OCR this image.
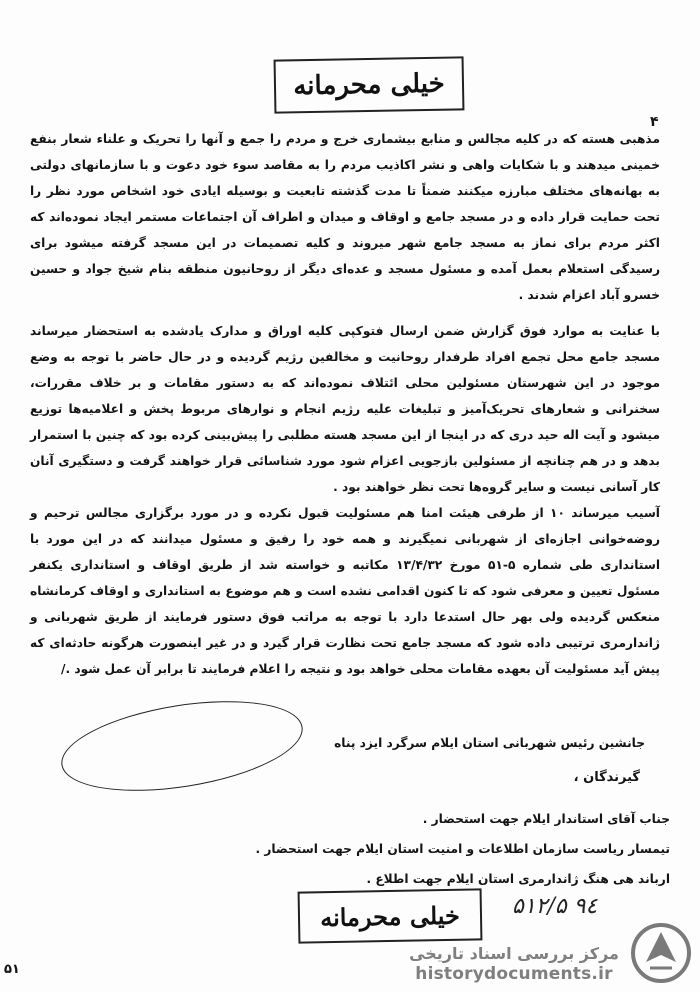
خیلی محرمانه
۴

مذهبی هسته که در کلیه مجالس و منابع بیشماری خرج و مردم را جمع و آنها را تحریک و علناء شعار بنفع خمینی میدهند و با شکایات واهی و نشر اکاذیب مردم را به مقاصد سوء خود دعوت و با سازمانهای دولتی به بهانه‌های مختلف مبارزه میکنند ضمناً تا مدت گذشته تابعیت و بوسیله ایادی خود اشخاص مورد نظر را تحت حمایت قرار داده و در مسجد جامع و اوقاف و میدان و اطراف آن اجتماعات مستمر ایجاد نموده‌اند که اکثر مردم برای نماز به مسجد جامع شهر میروند و کلیه تصمیمات در این مسجد گرفته میشود برای رسیدگی استعلام بعمل آمده و مسئول مسجد و عده‌ای دیگر از روحانیون منطقه بنام شیخ جواد و حسین خسرو آباد اعزام شدند .

با عنایت به موارد فوق گزارش ضمن ارسال فتوکپی کلیه اوراق و مدارک یادشده به استحضار میرساند مسجد جامع محل تجمع افراد طرفدار روحانیت و مخالفین رژیم گردیده و در حال حاضر با توجه به وضع موجود در این شهرستان مسئولین محلی ائتلاف نموده‌اند که به دستور مقامات و بر خلاف مقررات، سخنرانی و شعارهای تحریک‌آمیز و تبلیغات علیه رژیم انجام و نوارهای مربوط پخش و اعلامیه‌ها توزیع میشود و آیت اله حید دری که در اینجا از این مسجد هسته مطلبی را پیش‌بینی کرده بود که چنین با استمرار بدهد و در هم چنانچه از مسئولین بازجویی اعزام شود مورد شناسائی قرار خواهند گرفت و دستگیری آنان کار آسانی نیست و سایر گروه‌ها تحت نظر خواهند بود .

آسیب میرساند ۱۰ از طرفی هیئت امنا هم مسئولیت قبول نکرده و در مورد برگزاری مجالس ترحیم و روضه‌خوانی اجازه‌ای از شهربانی نمیگیرند و همه خود را رفیق و مسئول میدانند که در این مورد با استانداری طی شماره ۵-۵۱ مورخ ۱۳/۴/۳۲ مکاتبه و خواسته شد از طریق اوقاف و استانداری یکنفر مسئول تعیین و معرفی شود که تا کنون اقدامی نشده است و هم موضوع به استانداری و اوقاف کرمانشاه منعکس گردیده ولی بهر حال استدعا دارد با توجه به مراتب فوق دستور فرمایند از طریق شهربانی و ژاندارمری ترتیبی داده شود که مسجد جامع تحت نظارت قرار گیرد و در غیر اینصورت هرگونه حادثه‌ای که پیش آید مسئولیت آن بعهده مقامات محلی خواهد بود و نتیجه را اعلام فرمایند تا برابر آن عمل شود ./

جانشین رئیس شهربانی استان ایلام سرگرد ایزد پناه
گیرندگان ،
جناب آقای استاندار ایلام جهت استحضار .
تیمسار ریاست سازمان اطلاعات و امنیت استان ایلام جهت استحضار .
ارباند هی هنگ ژاندارمری استان ایلام جهت اطلاع .
خیلی محرمانه ۵۱۲/۵ ۹٤
۵۱
مرکز بررسی اسناد تاریخی
historydocuments.ir
